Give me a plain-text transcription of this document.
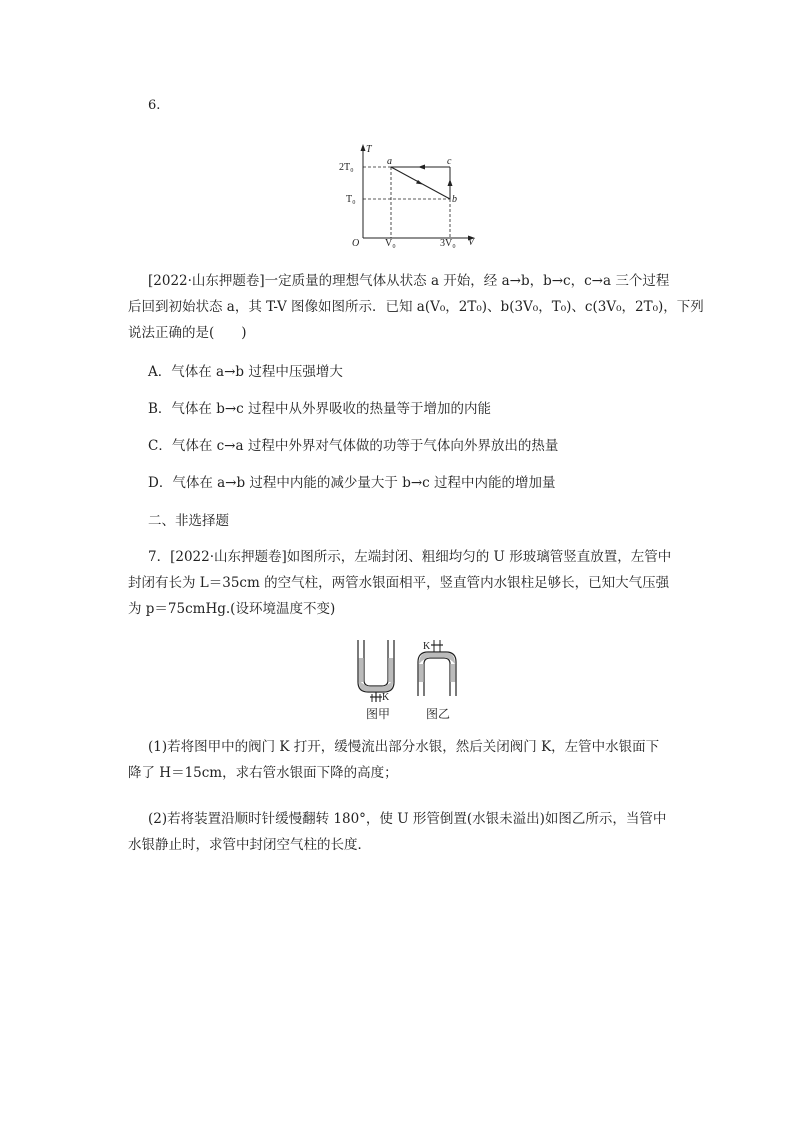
6.
T
V
O
2T₀
T₀
V₀	3V₀
a
b
c
[2022·山东押题卷]一定质量的理想气体从状态 a 开始，经 a→b，b→c，c→a 三个过程
后回到初始状态 a，其 T-V 图像如图所示．已知 a(V₀，2T₀)、b(3V₀，T₀)、c(3V₀，2T₀)，下列
说法正确的是(　　)
A．气体在 a→b 过程中压强增大
B．气体在 b→c 过程中从外界吸收的热量等于增加的内能
C．气体在 c→a 过程中外界对气体做的功等于气体向外界放出的热量
D．气体在 a→b 过程中内能的减少量大于 b→c 过程中内能的增加量
二、非选择题
7．[2022·山东押题卷]如图所示，左端封闭、粗细均匀的 U 形玻璃管竖直放置，左管中
封闭有长为 L＝35cm 的空气柱，两管水银面相平，竖直管内水银柱足够长，已知大气压强
为 p＝75cmHg.(设环境温度不变)
K
图甲
K
图乙
(1)若将图甲中的阀门 K 打开，缓慢流出部分水银，然后关闭阀门 K，左管中水银面下
降了 H＝15cm，求右管水银面下降的高度；
(2)若将装置沿顺时针缓慢翻转 180°，使 U 形管倒置(水银未溢出)如图乙所示，当管中
水银静止时，求管中封闭空气柱的长度．
